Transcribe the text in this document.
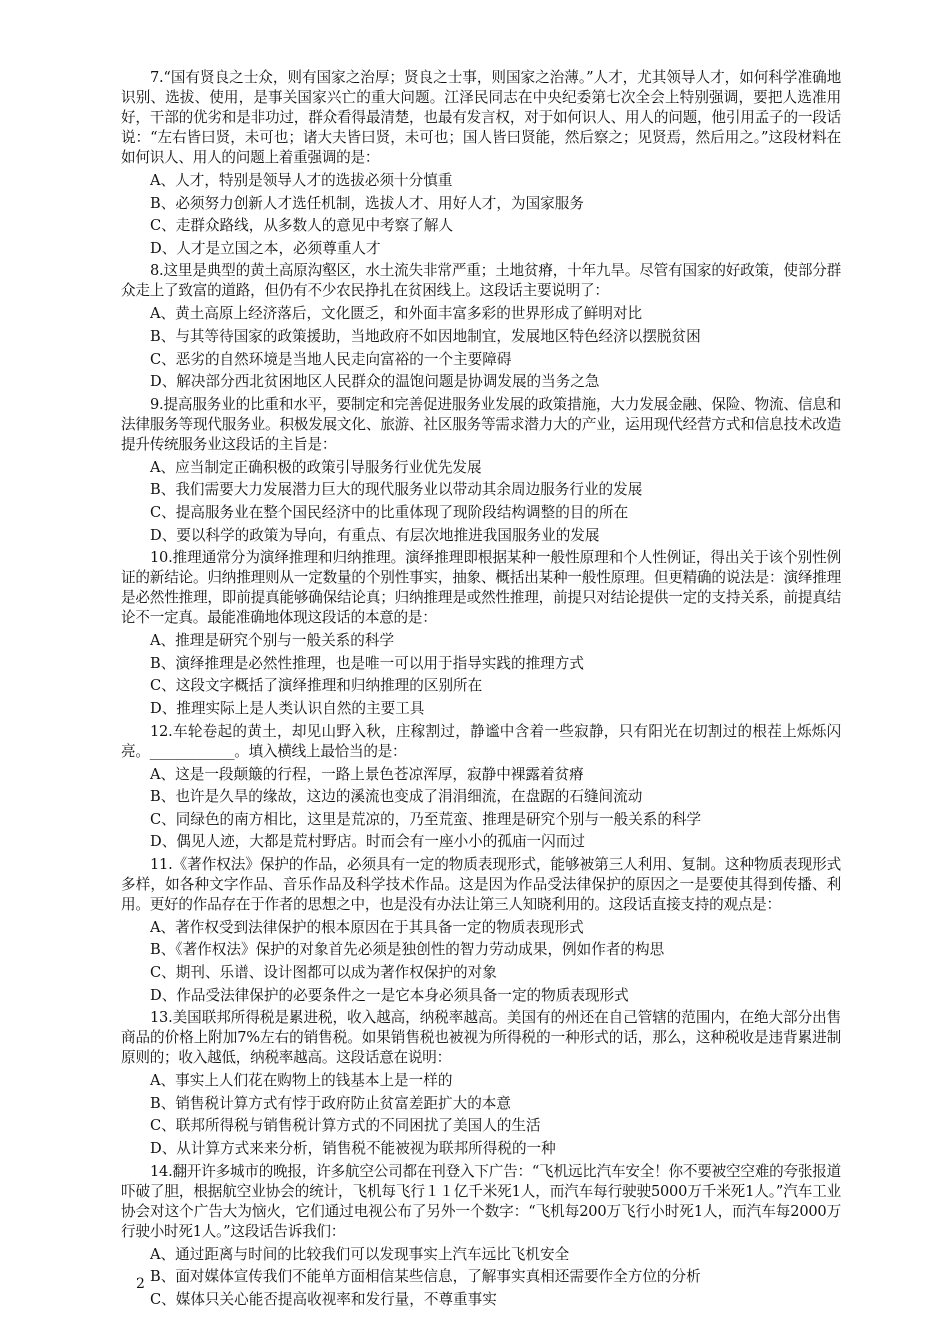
7.“国有贤良之士众，则有国家之治厚；贤良之士事，则国家之治薄。”人才，尤其领导人才，如何科学准确地识别、选拔、使用，是事关国家兴亡的重大问题。江泽民同志在中央纪委第七次全会上特别强调，要把人选准用好，干部的优劣和是非功过，群众看得最清楚，也最有发言权，对于如何识人、用人的问题，他引用孟子的一段话说：“左右皆曰贤，未可也；诸大夫皆曰贤，未可也；国人皆曰贤能，然后察之；见贤焉，然后用之。”这段材料在如何识人、用人的问题上着重强调的是：

A、人才，特别是领导人才的选拔必须十分慎重

B、必须努力创新人才选任机制，选拔人才、用好人才，为国家服务

C、走群众路线，从多数人的意见中考察了解人

D、人才是立国之本，必须尊重人才

8.这里是典型的黄土高原沟壑区，水土流失非常严重；土地贫瘠，十年九旱。尽管有国家的好政策，使部分群众走上了致富的道路，但仍有不少农民挣扎在贫困线上。这段话主要说明了：

A、黄土高原上经济落后，文化匮乏，和外面丰富多彩的世界形成了鲜明对比

B、与其等待国家的政策援助，当地政府不如因地制宜，发展地区特色经济以摆脱贫困

C、恶劣的自然环境是当地人民走向富裕的一个主要障碍

D、解决部分西北贫困地区人民群众的温饱问题是协调发展的当务之急

9.提高服务业的比重和水平，要制定和完善促进服务业发展的政策措施，大力发展金融、保险、物流、信息和法律服务等现代服务业。积极发展文化、旅游、社区服务等需求潜力大的产业，运用现代经营方式和信息技术改造提升传统服务业这段话的主旨是：

A、应当制定正确积极的政策引导服务行业优先发展

B、我们需要大力发展潜力巨大的现代服务业以带动其余周边服务行业的发展

C、提高服务业在整个国民经济中的比重体现了现阶段结构调整的目的所在

D、要以科学的政策为导向，有重点、有层次地推进我国服务业的发展

10.推理通常分为演绎推理和归纳推理。演绎推理即根据某种一般性原理和个人性例证，得出关于该个别性例证的新结论。归纳推理则从一定数量的个别性事实，抽象、概括出某种一般性原理。但更精确的说法是：演绎推理是必然性推理，即前提真能够确保结论真；归纳推理是或然性推理，前提只对结论提供一定的支持关系，前提真结论不一定真。最能准确地体现这段话的本意的是：

A、推理是研究个别与一般关系的科学

B、演绎推理是必然性推理，也是唯一可以用于指导实践的推理方式

C、这段文字概括了演绎推理和归纳推理的区别所在

D、推理实际上是人类认识自然的主要工具

12.车轮卷起的黄土，却见山野入秋，庄稼割过，静谧中含着一些寂静，只有阳光在切割过的根茬上烁烁闪亮。____________。填入横线上最恰当的是：

A、这是一段颠簸的行程，一路上景色苍凉浑厚，寂静中裸露着贫瘠

B、也许是久旱的缘故，这边的溪流也变成了涓涓细流，在盘踞的石缝间流动

C、同绿色的南方相比，这里是荒凉的，乃至荒蛮、推理是研究个别与一般关系的科学

D、偶见人迹，大都是荒村野店。时而会有一座小小的孤庙一闪而过

11.《著作权法》保护的作品，必须具有一定的物质表现形式，能够被第三人利用、复制。这种物质表现形式多样，如各种文字作品、音乐作品及科学技术作品。这是因为作品受法律保护的原因之一是要使其得到传播、利用。更好的作品存在于作者的思想之中，也是没有办法让第三人知晓利用的。这段话直接支持的观点是：

A、著作权受到法律保护的根本原因在于其具备一定的物质表现形式

B、《著作权法》保护的对象首先必须是独创性的智力劳动成果，例如作者的构思

C、期刊、乐谱、设计图都可以成为著作权保护的对象

D、作品受法律保护的必要条件之一是它本身必须具备一定的物质表现形式

13.美国联邦所得税是累进税，收入越高，纳税率越高。美国有的州还在自己管辖的范围内，在绝大部分出售商品的价格上附加7%左右的销售税。如果销售税也被视为所得税的一种形式的话，那么，这种税收是违背累进制原则的；收入越低，纳税率越高。这段话意在说明：

A、事实上人们花在购物上的钱基本上是一样的

B、销售税计算方式有悖于政府防止贫富差距扩大的本意

C、联邦所得税与销售税计算方式的不同困扰了美国人的生活

D、从计算方式来来分析，销售税不能被视为联邦所得税的一种

14.翻开许多城市的晚报，许多航空公司都在刊登入下广告：“飞机远比汽车安全！你不要被空空难的夸张报道吓破了胆，根据航空业协会的统计，飞机每飞行１１亿千米死1人，而汽车每行驶驶5000万千米死1人。”汽车工业协会对这个广告大为恼火，它们通过电视公布了另外一个数字：“飞机每200万飞行小时死1人，而汽车每2000万行驶小时死1人。”这段话告诉我们：

A、通过距离与时间的比较我们可以发现事实上汽车远比飞机安全

B、面对媒体宣传我们不能单方面相信某些信息，了解事实真相还需要作全方位的分析

C、媒体只关心能否提高收视率和发行量，不尊重事实

2
